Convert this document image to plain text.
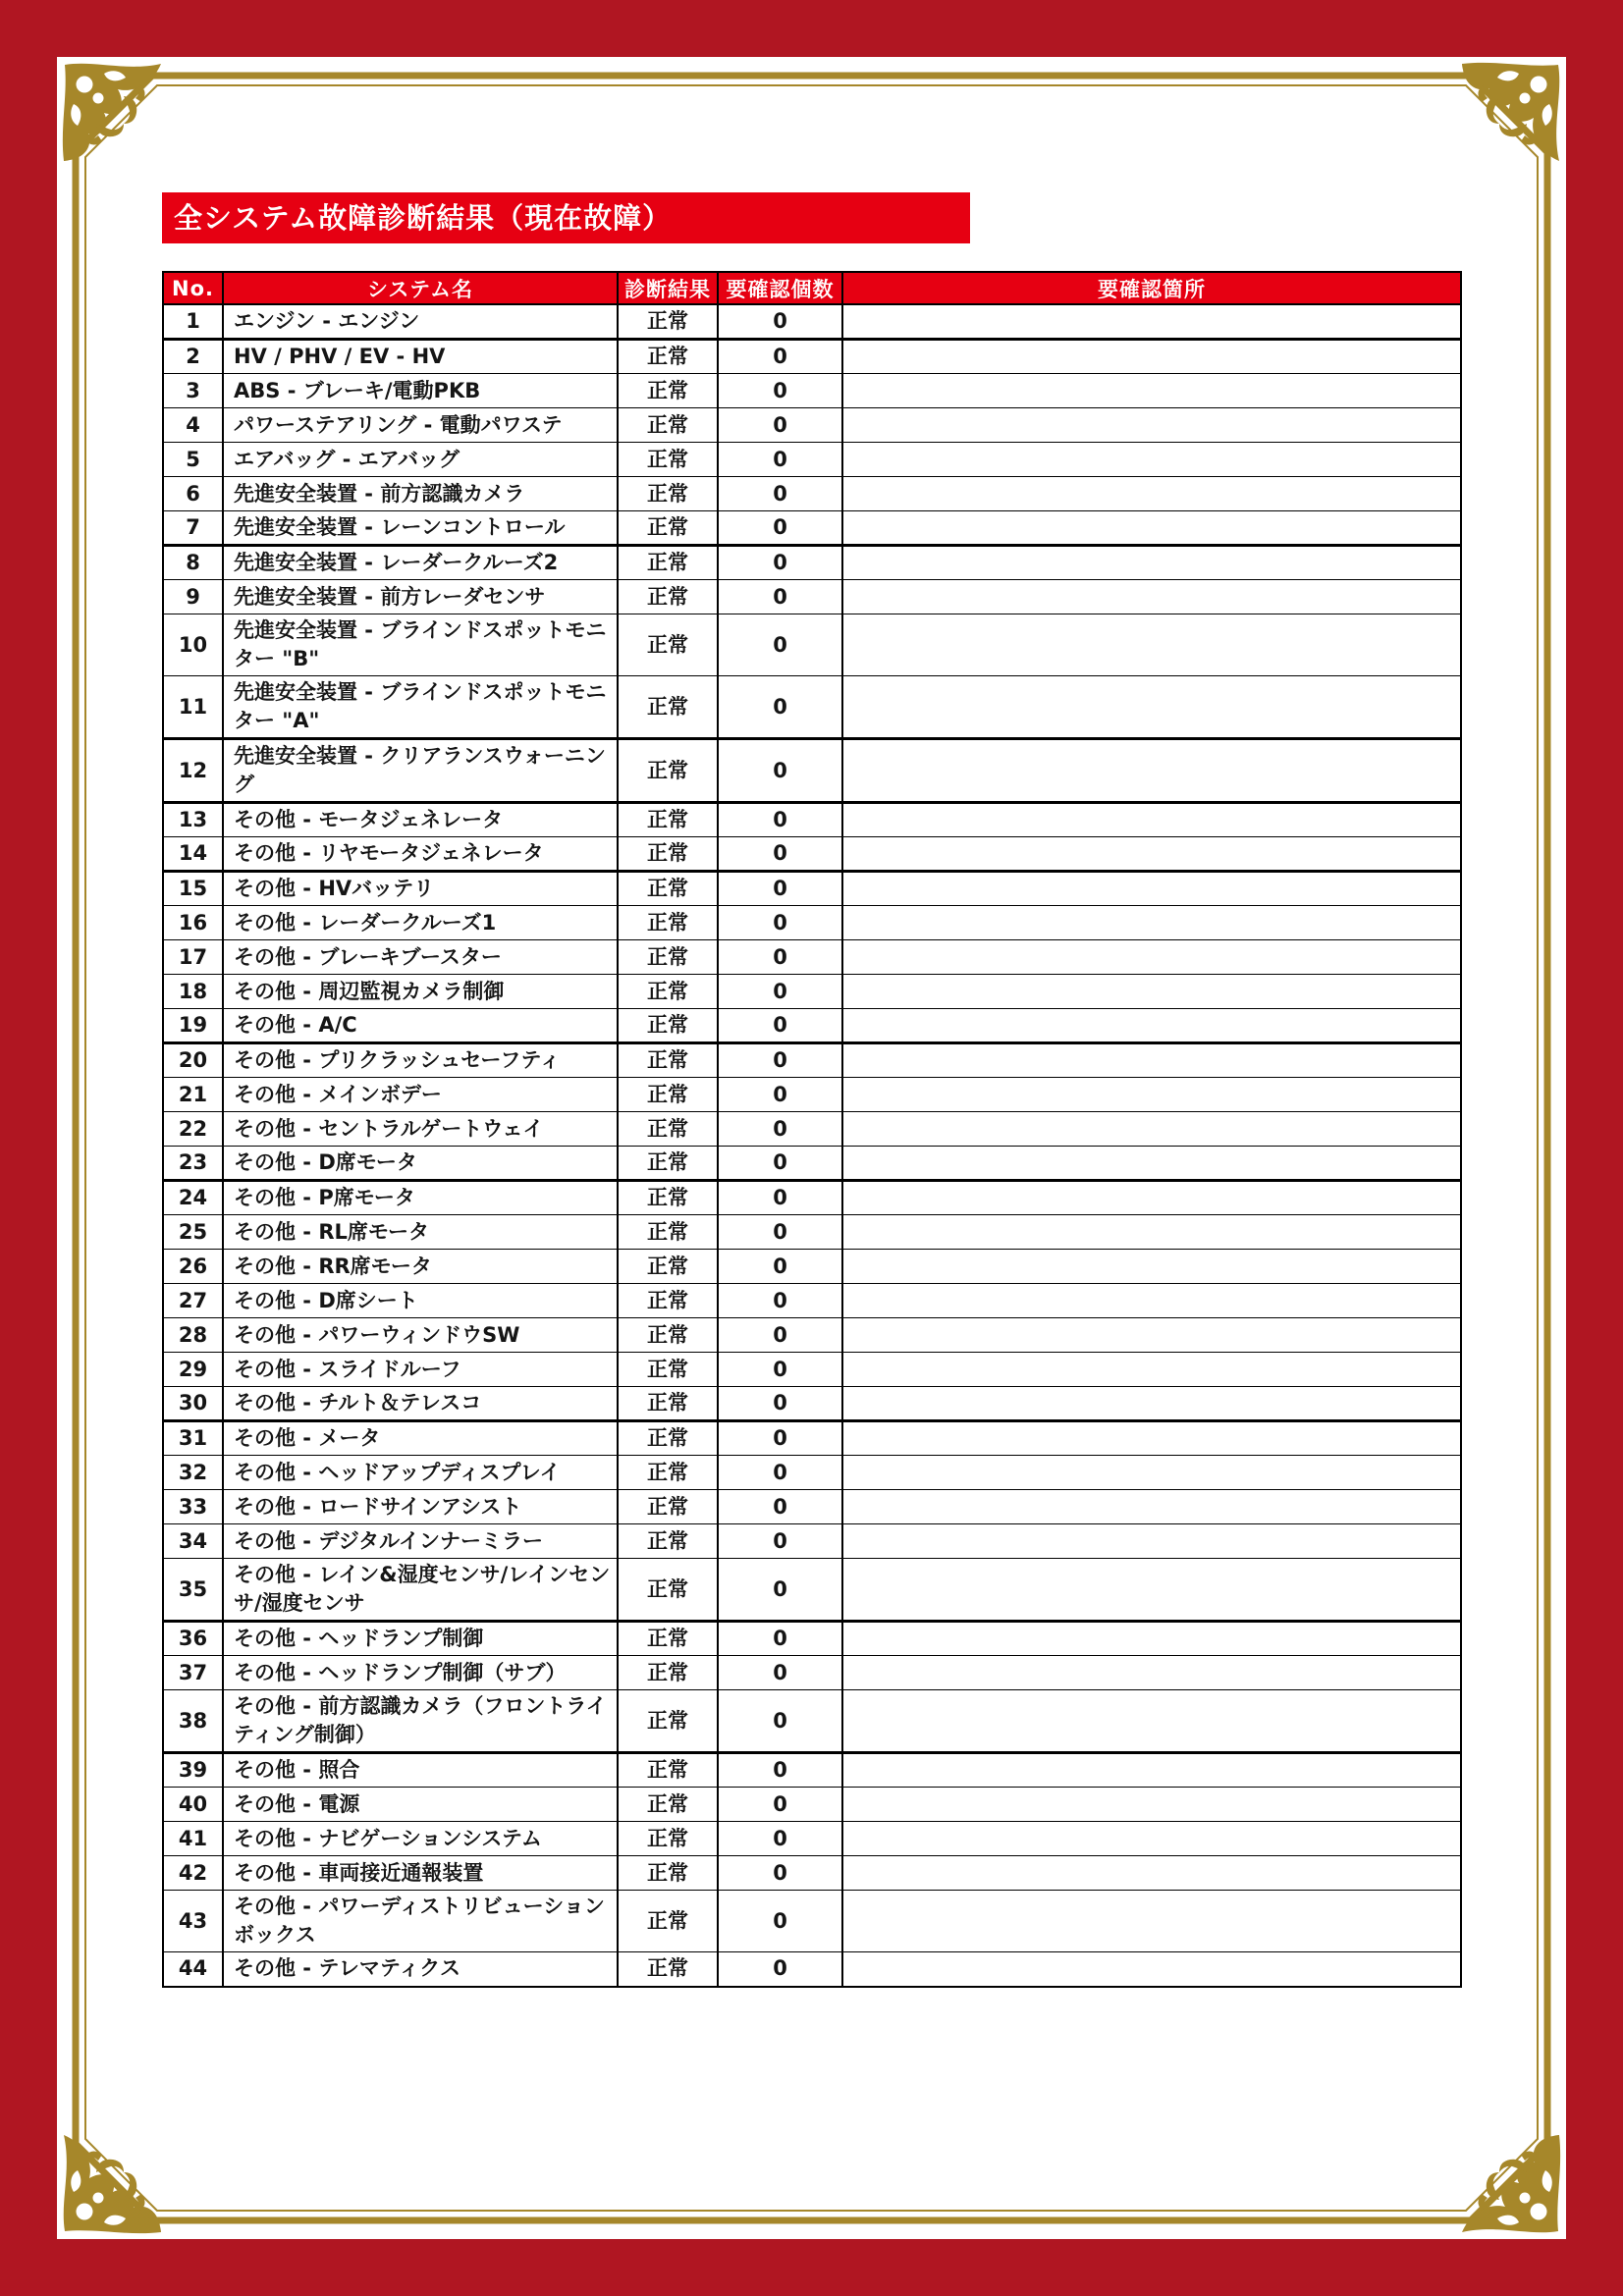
全システム故障診断結果（現在故障）
No.	システム名	診断結果	要確認個数	要確認箇所
1	エンジン - エンジン	正常	0	
2	HV / PHV / EV - HV	正常	0	
3	ABS - ブレーキ/電動PKB	正常	0	
4	パワーステアリング - 電動パワステ	正常	0	
5	エアバッグ - エアバッグ	正常	0	
6	先進安全装置 - 前方認識カメラ	正常	0	
7	先進安全装置 - レーンコントロール	正常	0	
8	先進安全装置 - レーダークルーズ2	正常	0	
9	先進安全装置 - 前方レーダセンサ	正常	0	
10	先進安全装置 - ブラインドスポットモニター "B"	正常	0	
11	先進安全装置 - ブラインドスポットモニター "A"	正常	0	
12	先進安全装置 - クリアランスウォーニング	正常	0	
13	その他 - モータジェネレータ	正常	0	
14	その他 - リヤモータジェネレータ	正常	0	
15	その他 - HVバッテリ	正常	0	
16	その他 - レーダークルーズ1	正常	0	
17	その他 - ブレーキブースター	正常	0	
18	その他 - 周辺監視カメラ制御	正常	0	
19	その他 - A/C	正常	0	
20	その他 - プリクラッシュセーフティ	正常	0	
21	その他 - メインボデー	正常	0	
22	その他 - セントラルゲートウェイ	正常	0	
23	その他 - D席モータ	正常	0	
24	その他 - P席モータ	正常	0	
25	その他 - RL席モータ	正常	0	
26	その他 - RR席モータ	正常	0	
27	その他 - D席シート	正常	0	
28	その他 - パワーウィンドウSW	正常	0	
29	その他 - スライドルーフ	正常	0	
30	その他 - チルト＆テレスコ	正常	0	
31	その他 - メータ	正常	0	
32	その他 - ヘッドアップディスプレイ	正常	0	
33	その他 - ロードサインアシスト	正常	0	
34	その他 - デジタルインナーミラー	正常	0	
35	その他 - レイン&湿度センサ/レインセンサ/湿度センサ	正常	0	
36	その他 - ヘッドランプ制御	正常	0	
37	その他 - ヘッドランプ制御（サブ）	正常	0	
38	その他 - 前方認識カメラ（フロントライティング制御）	正常	0	
39	その他 - 照合	正常	0	
40	その他 - 電源	正常	0	
41	その他 - ナビゲーションシステム	正常	0	
42	その他 - 車両接近通報装置	正常	0	
43	その他 - パワーディストリビューションボックス	正常	0	
44	その他 - テレマティクス	正常	0	
